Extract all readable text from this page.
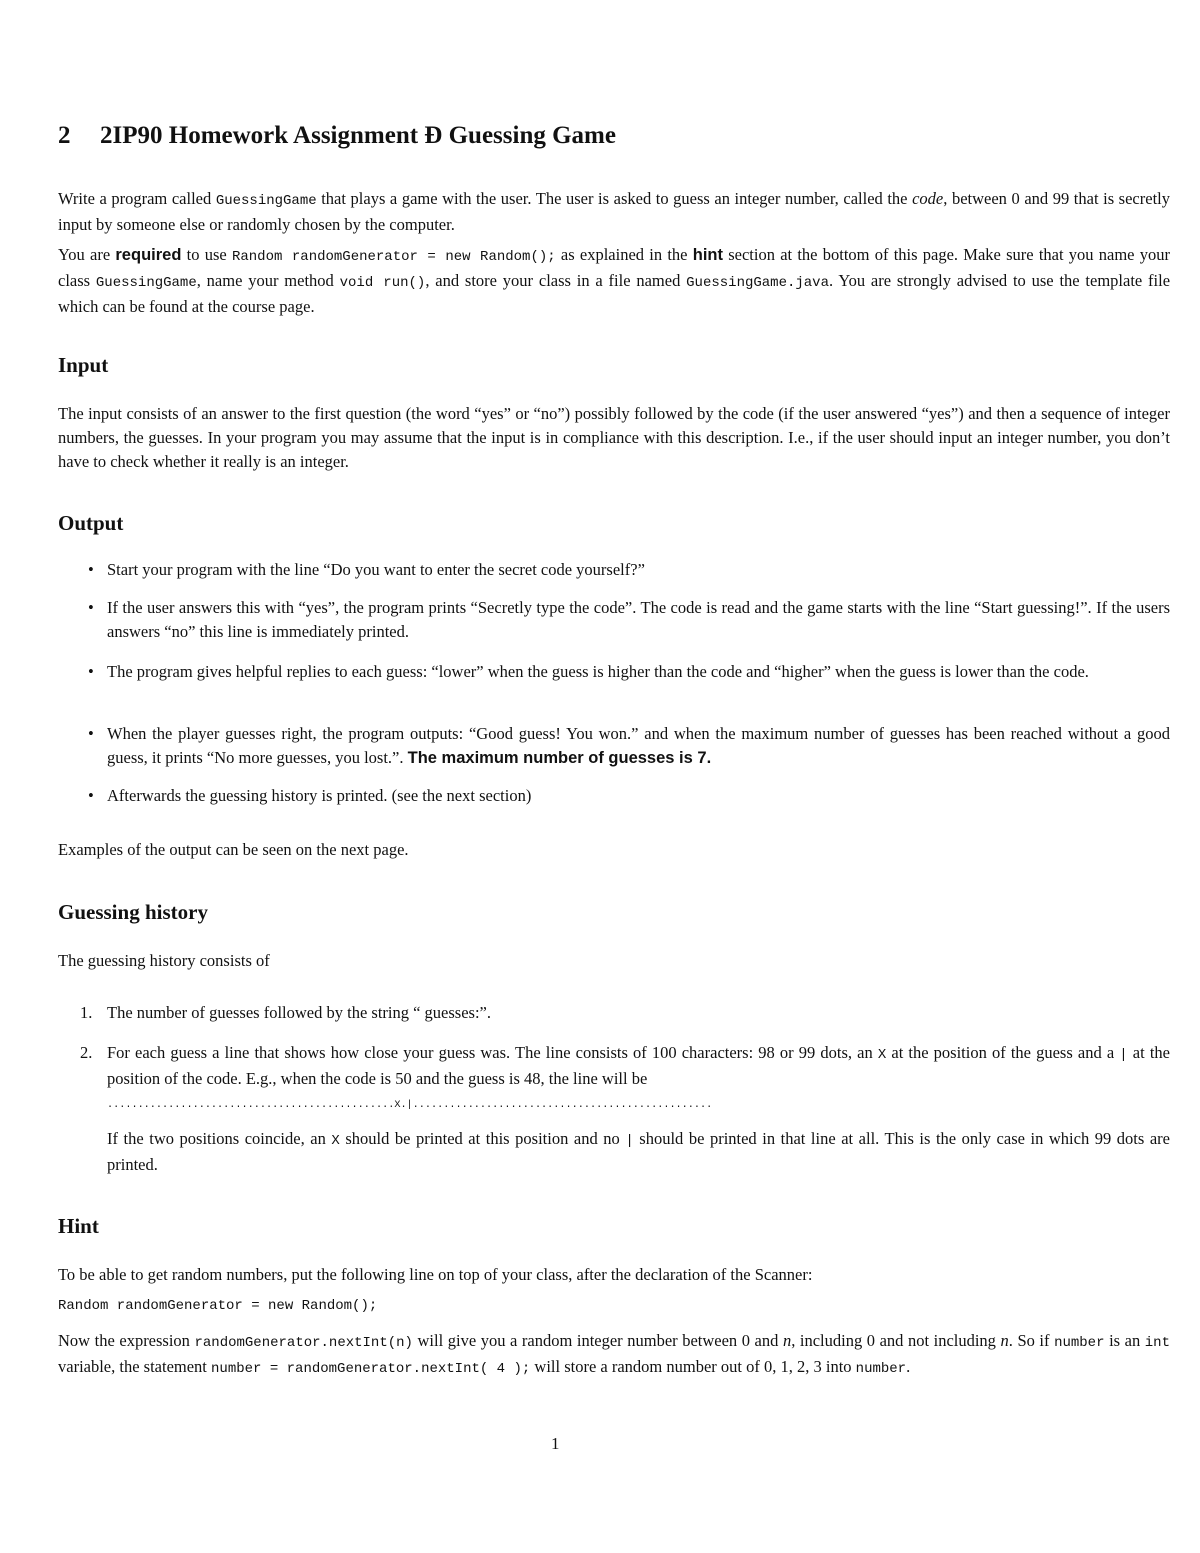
2 2IP90 Homework Assignment Ð Guessing Game

Write a program called GuessingGame that plays a game with the user. The user is asked to guess an integer number, called the code, between 0 and 99 that is secretly input by someone else or randomly chosen by the computer.

You are required to use Random randomGenerator = new Random(); as explained in the hint section at the bottom of this page. Make sure that you name your class GuessingGame, name your method void run(), and store your class in a file named GuessingGame.java. You are strongly advised to use the template file which can be found at the course page.

Input

The input consists of an answer to the first question (the word “yes” or “no”) possibly followed by the code (if the user answered “yes”) and then a sequence of integer numbers, the guesses. In your program you may assume that the input is in compliance with this description. I.e., if the user should input an integer number, you don’t have to check whether it really is an integer.

Output
• Start your program with the line “Do you want to enter the secret code yourself?”
• If the user answers this with “yes”, the program prints “Secretly type the code”. The code is read and the game starts with the line “Start guessing!”. If the users answers “no” this line is immediately printed.
• The program gives helpful replies to each guess: “lower” when the guess is higher than the code and “higher” when the guess is lower than the code.
• When the player guesses right, the program outputs: “Good guess! You won.” and when the maximum number of guesses has been reached without a good guess, it prints “No more guesses, you lost.”. The maximum number of guesses is 7.
• Afterwards the guessing history is printed. (see the next section)

Examples of the output can be seen on the next page.

Guessing history

The guessing history consists of

1. The number of guesses followed by the string “ guesses:”.
2. For each guess a line that shows how close your guess was. The line consists of 100 characters: 98 or 99 dots, an X at the position of the guess and a | at the position of the code. E.g., when the code is 50 and the guess is 48, the line will be
...............................................X.|.................................................

If the two positions coincide, an X should be printed at this position and no | should be printed in that line at all. This is the only case in which 99 dots are printed.

Hint

To be able to get random numbers, put the following line on top of your class, after the declaration of the Scanner:

Random randomGenerator = new Random();

Now the expression randomGenerator.nextInt(n) will give you a random integer number between 0 and n, including 0 and not including n. So if number is an int variable, the statement number = randomGenerator.nextInt( 4 ); will store a random number out of 0, 1, 2, 3 into number.

1
